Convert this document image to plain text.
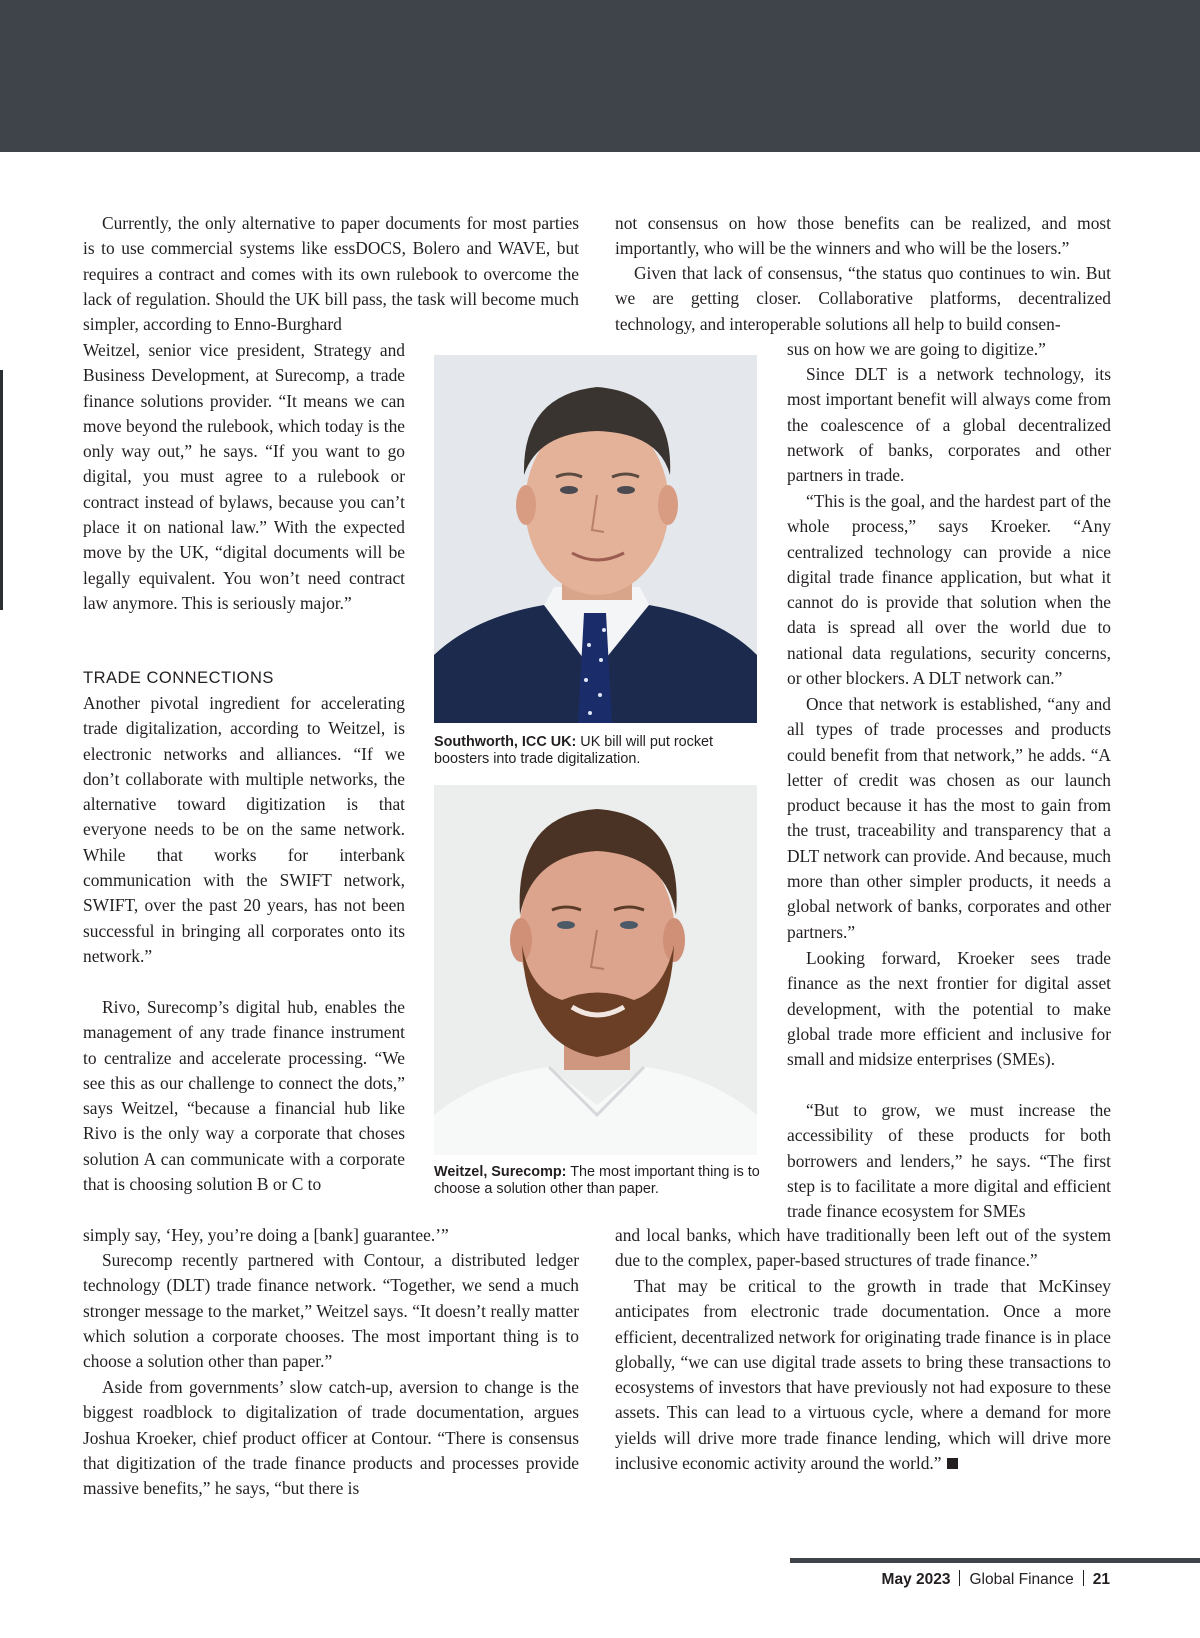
Currently, the only alternative to paper documents for most parties is to use commercial systems like essDOCS, Bolero and WAVE, but requires a contract and comes with its own rulebook to overcome the lack of regulation. Should the UK bill pass, the task will become much simpler, according to Enno-Burghard

Weitzel, senior vice president, Strategy and Business Development, at Surecomp, a trade finance solutions provider. “It means we can move beyond the rulebook, which today is the only way out,” he says. “If you want to go digital, you must agree to a rulebook or contract instead of bylaws, because you can’t place it on national law.” With the expected move by the UK, “digital documents will be legally equivalent. You won’t need contract law anymore. This is seriously major.”

TRADE CONNECTIONS

Another pivotal ingredient for accelerating trade digitalization, according to Weitzel, is electronic networks and alliances. “If we don’t collaborate with multiple networks, the alternative toward digitization is that everyone needs to be on the same network. While that works for interbank communication with the SWIFT network, SWIFT, over the past 20 years, has not been successful in bringing all corporates onto its network.”

Rivo, Surecomp’s digital hub, enables the management of any trade finance instrument to centralize and accelerate processing. “We see this as our challenge to connect the dots,” says Weitzel, “because a financial hub like Rivo is the only way a corporate that choses solution A can communicate with a corporate that is choosing solution B or C to

simply say, ‘Hey, you’re doing a [bank] guarantee.’”

Surecomp recently partnered with Contour, a distributed ledger technology (DLT) trade finance network. “Together, we send a much stronger message to the market,” Weitzel says. “It doesn’t really matter which solution a corporate chooses. The most important thing is to choose a solution other than paper.”

Aside from governments’ slow catch-up, aversion to change is the biggest roadblock to digitalization of trade documentation, argues Joshua Kroeker, chief product officer at Contour. “There is consensus that digitization of the trade finance products and processes provide massive benefits,” he says, “but there is

not consensus on how those benefits can be realized, and most importantly, who will be the winners and who will be the losers.”

Given that lack of consensus, “the status quo continues to win. But we are getting closer. Collaborative platforms, decentralized technology, and interoperable solutions all help to build consen-

sus on how we are going to digitize.”

Since DLT is a network technology, its most important benefit will always come from the coalescence of a global decentralized network of banks, corporates and other partners in trade.

“This is the goal, and the hardest part of the whole process,” says Kroeker. “Any centralized technology can provide a nice digital trade finance application, but what it cannot do is provide that solution when the data is spread all over the world due to national data regulations, security concerns, or other blockers. A DLT network can.”

Once that network is established, “any and all types of trade processes and products could benefit from that network,” he adds. “A letter of credit was chosen as our launch product because it has the most to gain from the trust, traceability and transparency that a DLT network can provide. And because, much more than other simpler products, it needs a global network of banks, corporates and other partners.”

Looking forward, Kroeker sees trade finance as the next frontier for digital asset development, with the potential to make global trade more efficient and inclusive for small and midsize enterprises (SMEs).

“But to grow, we must increase the accessibility of these products for both borrowers and lenders,” he says. “The first step is to facilitate a more digital and efficient trade finance ecosystem for SMEs

and local banks, which have traditionally been left out of the system due to the complex, paper-based structures of trade finance.”

That may be critical to the growth in trade that McKinsey anticipates from electronic trade documentation. Once a more efficient, decentralized network for originating trade finance is in place globally, “we can use digital trade assets to bring these transactions to ecosystems of investors that have previously not had exposure to these assets. This can lead to a virtuous cycle, where a demand for more yields will drive more trade finance lending, which will drive more inclusive economic activity around the world.”

Southworth, ICC UK: UK bill will put rocket boosters into trade digitalization.

Weitzel, Surecomp: The most important thing is to choose a solution other than paper.

May 2023 Global Finance 21
